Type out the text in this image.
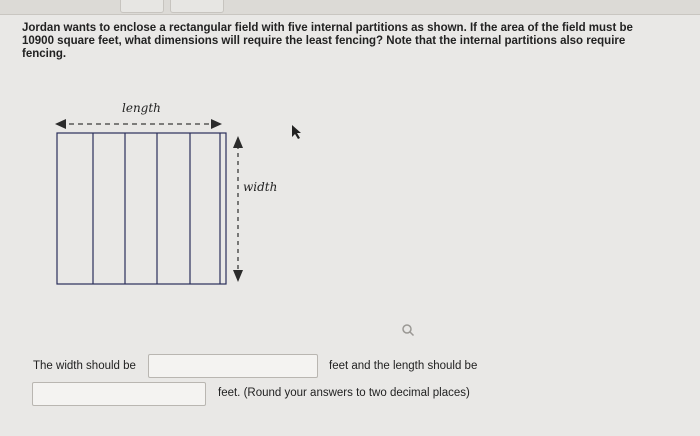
Jordan wants to enclose a rectangular field with five internal partitions as shown. If the area of the field must be 10900 square feet, what dimensions will require the least fencing? Note that the internal partitions also require fencing.
length
width
The width should be	feet and the length should be
feet. (Round your answers to two decimal places)
